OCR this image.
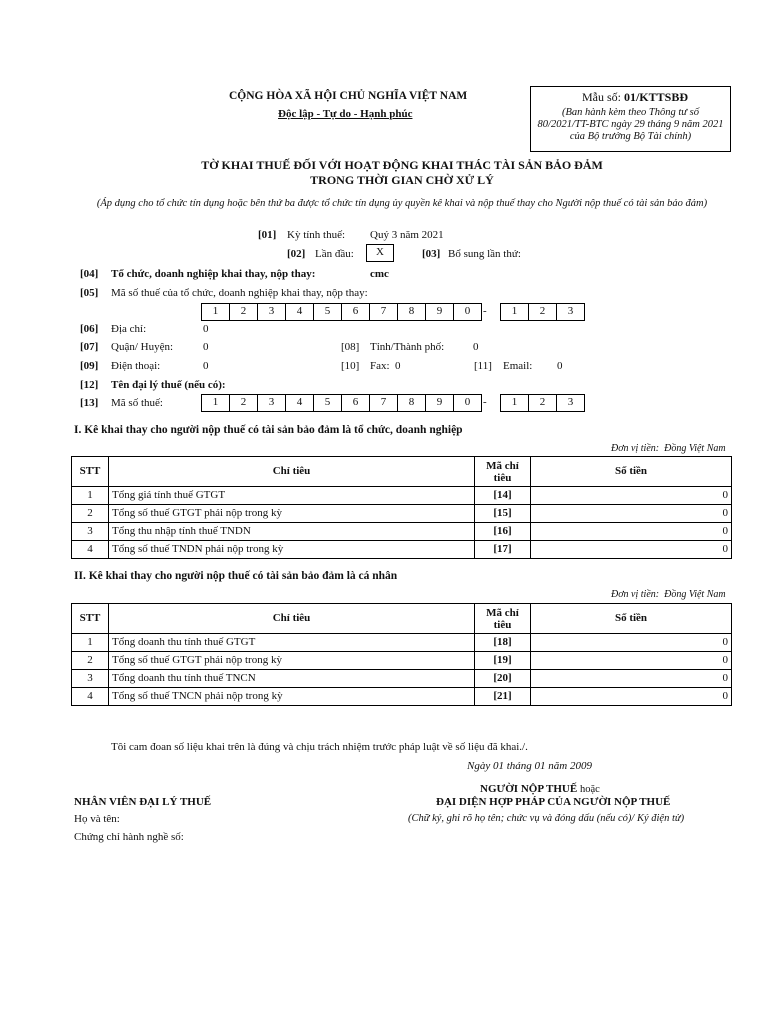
CỘNG HÒA XÃ HỘI CHỦ NGHĨA VIỆT NAM
Độc lập - Tự do - Hạnh phúc
Mẫu số: 01/KTTSBĐ
(Ban hành kèm theo Thông tư số 80/2021/TT-BTC ngày 29 tháng 9 năm 2021 của Bộ trưởng Bộ Tài chính)
TỜ KHAI THUẾ ĐỐI VỚI HOẠT ĐỘNG KHAI THÁC TÀI SẢN BẢO ĐẢM
TRONG THỜI GIAN CHỜ XỬ LÝ
(Áp dụng cho tổ chức tín dụng hoặc bên thứ ba được tổ chức tín dụng ủy quyền kê khai và nộp thuế thay cho Người nộp thuế có tài sản bảo đảm)
[01] Kỳ tính thuế: Quý 3 năm 2021
[02] Lần đầu:	X	[03] Bổ sung lần thứ:
[04] Tổ chức, doanh nghiệp khai thay, nộp thay:	cmc
[05] Mã số thuế của tổ chức, doanh nghiệp khai thay, nộp thay:
1	2	3	4	5	6	7	8	9	0	-	1	2	3
[06] Địa chỉ:	0
[07] Quận/ Huyện:	0	[08] Tỉnh/Thành phố:	0
[09] Điện thoại:	0	[10] Fax: 0	[11] Email: 0
[12] Tên đại lý thuế (nếu có):
[13] Mã số thuế:	1	2	3	4	5	6	7	8	9	0	-	1	2	3
I. Kê khai thay cho người nộp thuế có tài sản bảo đảm là tổ chức, doanh nghiệp
Đơn vị tiền: Đồng Việt Nam
STT	Chỉ tiêu	Mã chỉ tiêu	Số tiền
1	Tổng giá tính thuế GTGT	[14]	0
2	Tổng số thuế GTGT phải nộp trong kỳ	[15]	0
3	Tổng thu nhập tính thuế TNDN	[16]	0
4	Tổng số thuế TNDN phải nộp trong kỳ	[17]	0
II. Kê khai thay cho người nộp thuế có tài sản bảo đảm là cá nhân
Đơn vị tiền: Đồng Việt Nam
STT	Chỉ tiêu	Mã chỉ tiêu	Số tiền
1	Tổng doanh thu tính thuế GTGT	[18]	0
2	Tổng số thuế GTGT phải nộp trong kỳ	[19]	0
3	Tổng doanh thu tính thuế TNCN	[20]	0
4	Tổng số thuế TNCN phải nộp trong kỳ	[21]	0
Tôi cam đoan số liệu khai trên là đúng và chịu trách nhiệm trước pháp luật về số liệu đã khai./.
Ngày 01 tháng 01 năm 2009
NGƯỜI NỘP THUẾ hoặc
ĐẠI DIỆN HỢP PHÁP CỦA NGƯỜI NỘP THUẾ
NHÂN VIÊN ĐẠI LÝ THUẾ
(Chữ ký, ghi rõ họ tên; chức vụ và đóng dấu (nếu có)/ Ký điện tử)
Họ và tên:
Chứng chỉ hành nghề số:
